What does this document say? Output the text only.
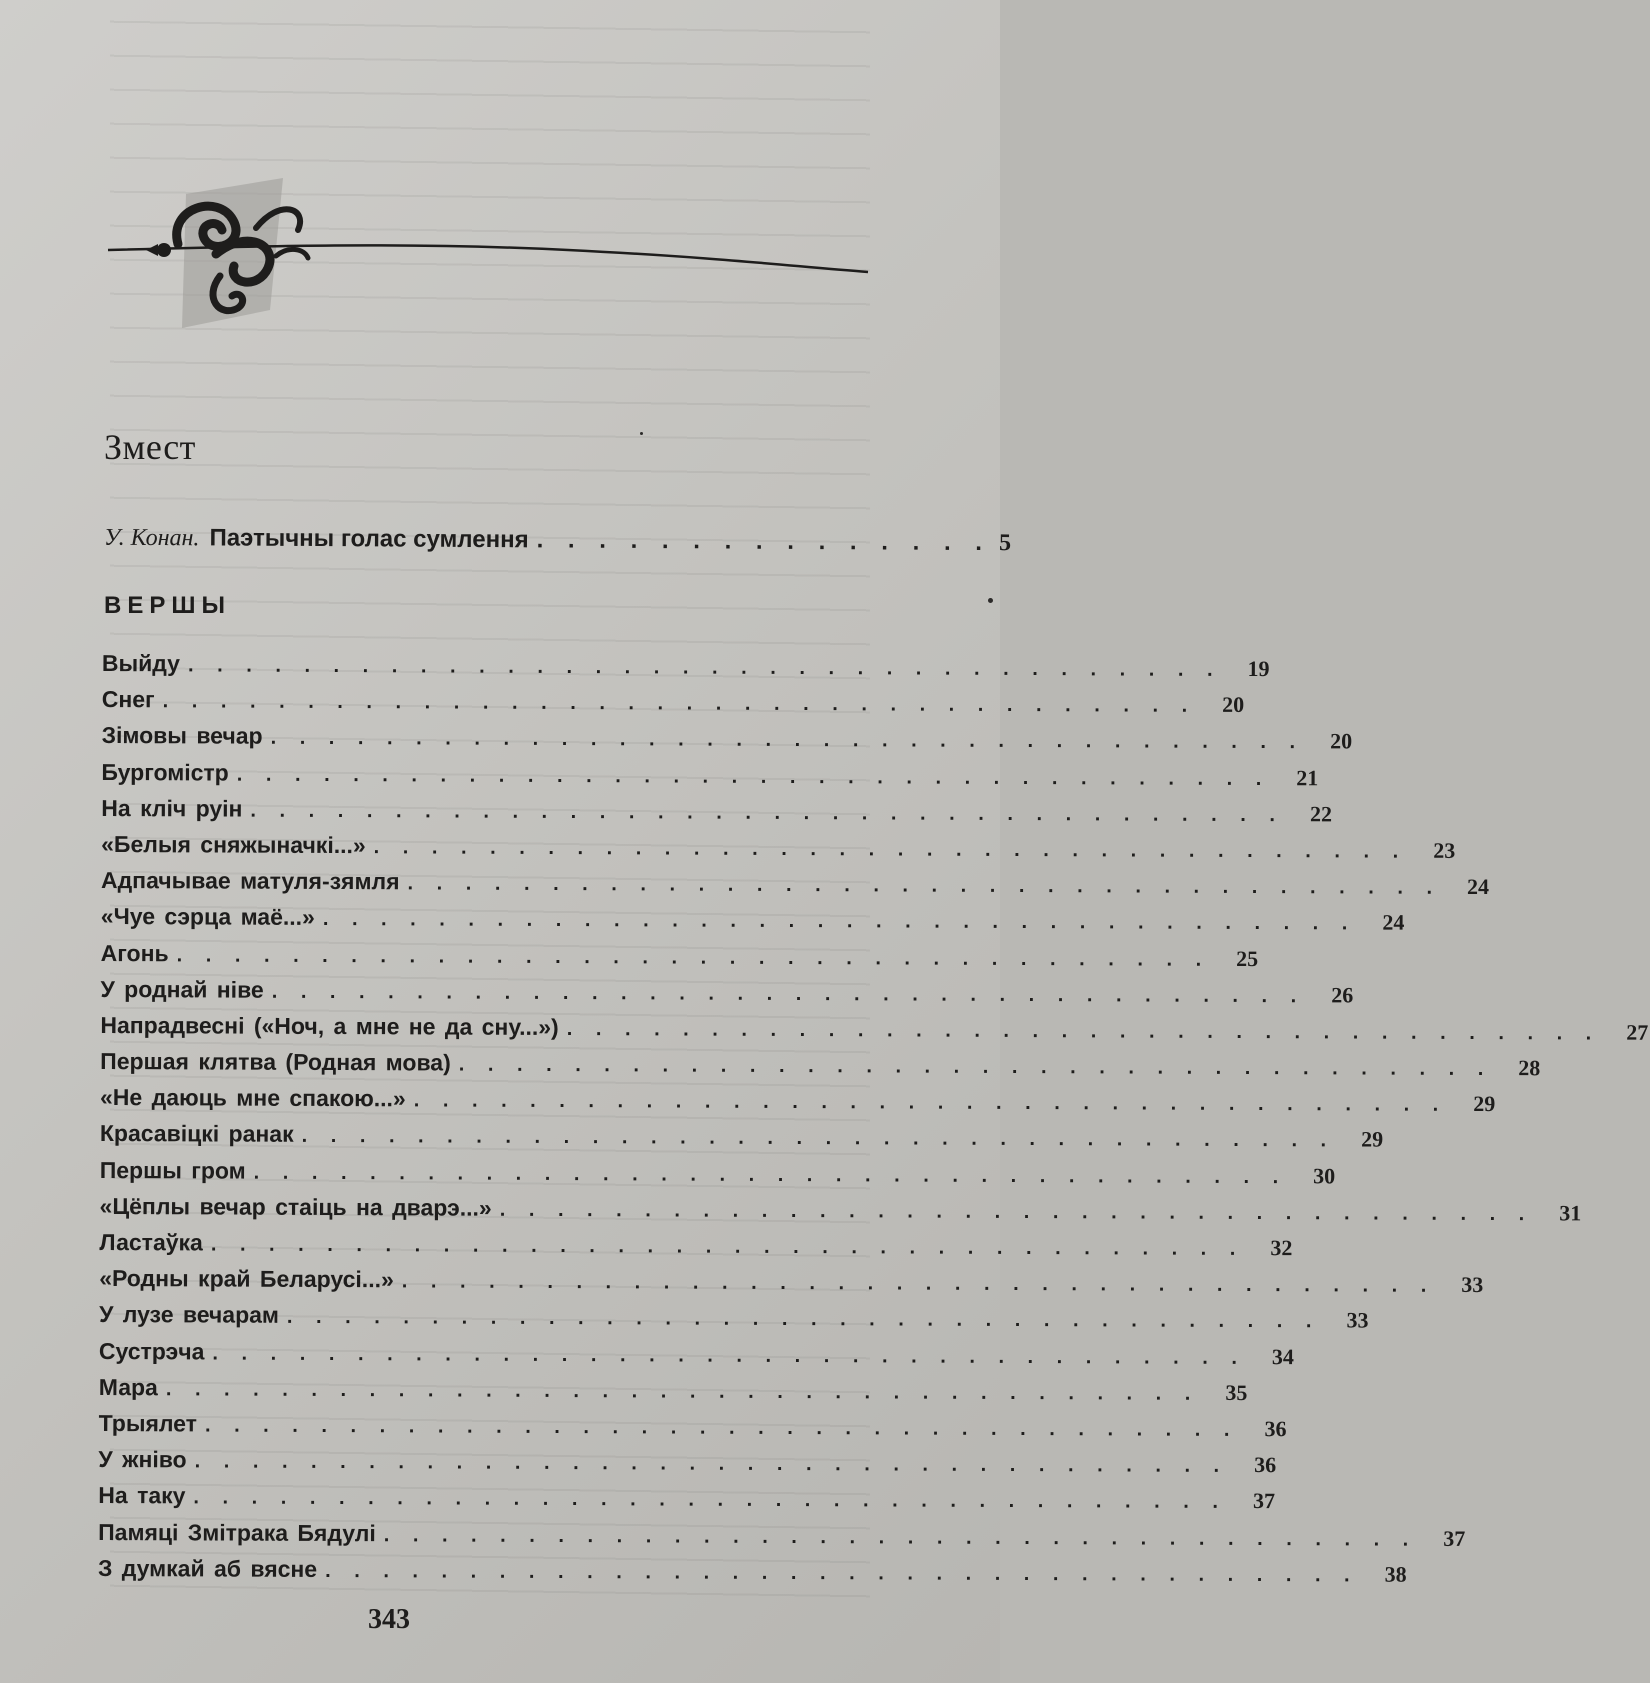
Змест
У. Конан. Паэтычны голас сумлення . . . . . . . . . . . . . . . 5
ВЕРШЫ
Выйду . . . . . . . . . . . . . . . . . . . . . . . . . . . . . . . . . . . .	19
Снег . . . . . . . . . . . . . . . . . . . . . . . . . . . . . . . . . . . .	20
Зімовы вечар . . . . . . . . . . . . . . . . . . . . . . . . . . . . . . . . . . . .	20
Бургомістр . . . . . . . . . . . . . . . . . . . . . . . . . . . . . . . . . . . .	21
На кліч руін . . . . . . . . . . . . . . . . . . . . . . . . . . . . . . . . . . . .	22
«Белыя сняжыначкі...» . . . . . . . . . . . . . . . . . . . . . . . . . . . . . . . . . . . .	23
Адпачывае матуля-зямля . . . . . . . . . . . . . . . . . . . . . . . . . . . . . . . . . . . .	24
«Чуе сэрца маё...» . . . . . . . . . . . . . . . . . . . . . . . . . . . . . . . . . . . .	24
Агонь . . . . . . . . . . . . . . . . . . . . . . . . . . . . . . . . . . . .	25
У роднай ніве . . . . . . . . . . . . . . . . . . . . . . . . . . . . . . . . . . . .	26
Напрадвесні («Ноч, а мне не да сну...») . . . . . . . . . . . . . . . . . . . . . . . . . . . . . . . . . . . .	27
Першая клятва (Родная мова) . . . . . . . . . . . . . . . . . . . . . . . . . . . . . . . . . . . .	28
«Не даюць мне спакою...» . . . . . . . . . . . . . . . . . . . . . . . . . . . . . . . . . . . .	29
Красавіцкі ранак . . . . . . . . . . . . . . . . . . . . . . . . . . . . . . . . . . . .	29
Першы гром . . . . . . . . . . . . . . . . . . . . . . . . . . . . . . . . . . . .	30
«Цёплы вечар стаіць на дварэ...» . . . . . . . . . . . . . . . . . . . . . . . . . . . . . . . . . . . .	31
Ластаўка . . . . . . . . . . . . . . . . . . . . . . . . . . . . . . . . . . . .	32
«Родны край Беларусі...» . . . . . . . . . . . . . . . . . . . . . . . . . . . . . . . . . . . .	33
У лузе вечарам . . . . . . . . . . . . . . . . . . . . . . . . . . . . . . . . . . . .	33
Сустрэча . . . . . . . . . . . . . . . . . . . . . . . . . . . . . . . . . . . .	34
Мара . . . . . . . . . . . . . . . . . . . . . . . . . . . . . . . . . . . .	35
Трыялет . . . . . . . . . . . . . . . . . . . . . . . . . . . . . . . . . . . .	36
У жніво . . . . . . . . . . . . . . . . . . . . . . . . . . . . . . . . . . . .	36
На таку . . . . . . . . . . . . . . . . . . . . . . . . . . . . . . . . . . . .	37
Памяці Змітрака Бядулі . . . . . . . . . . . . . . . . . . . . . . . . . . . . . . . . . . . .	37
З думкай аб вясне . . . . . . . . . . . . . . . . . . . . . . . . . . . . . . . . . . . .	38

343
